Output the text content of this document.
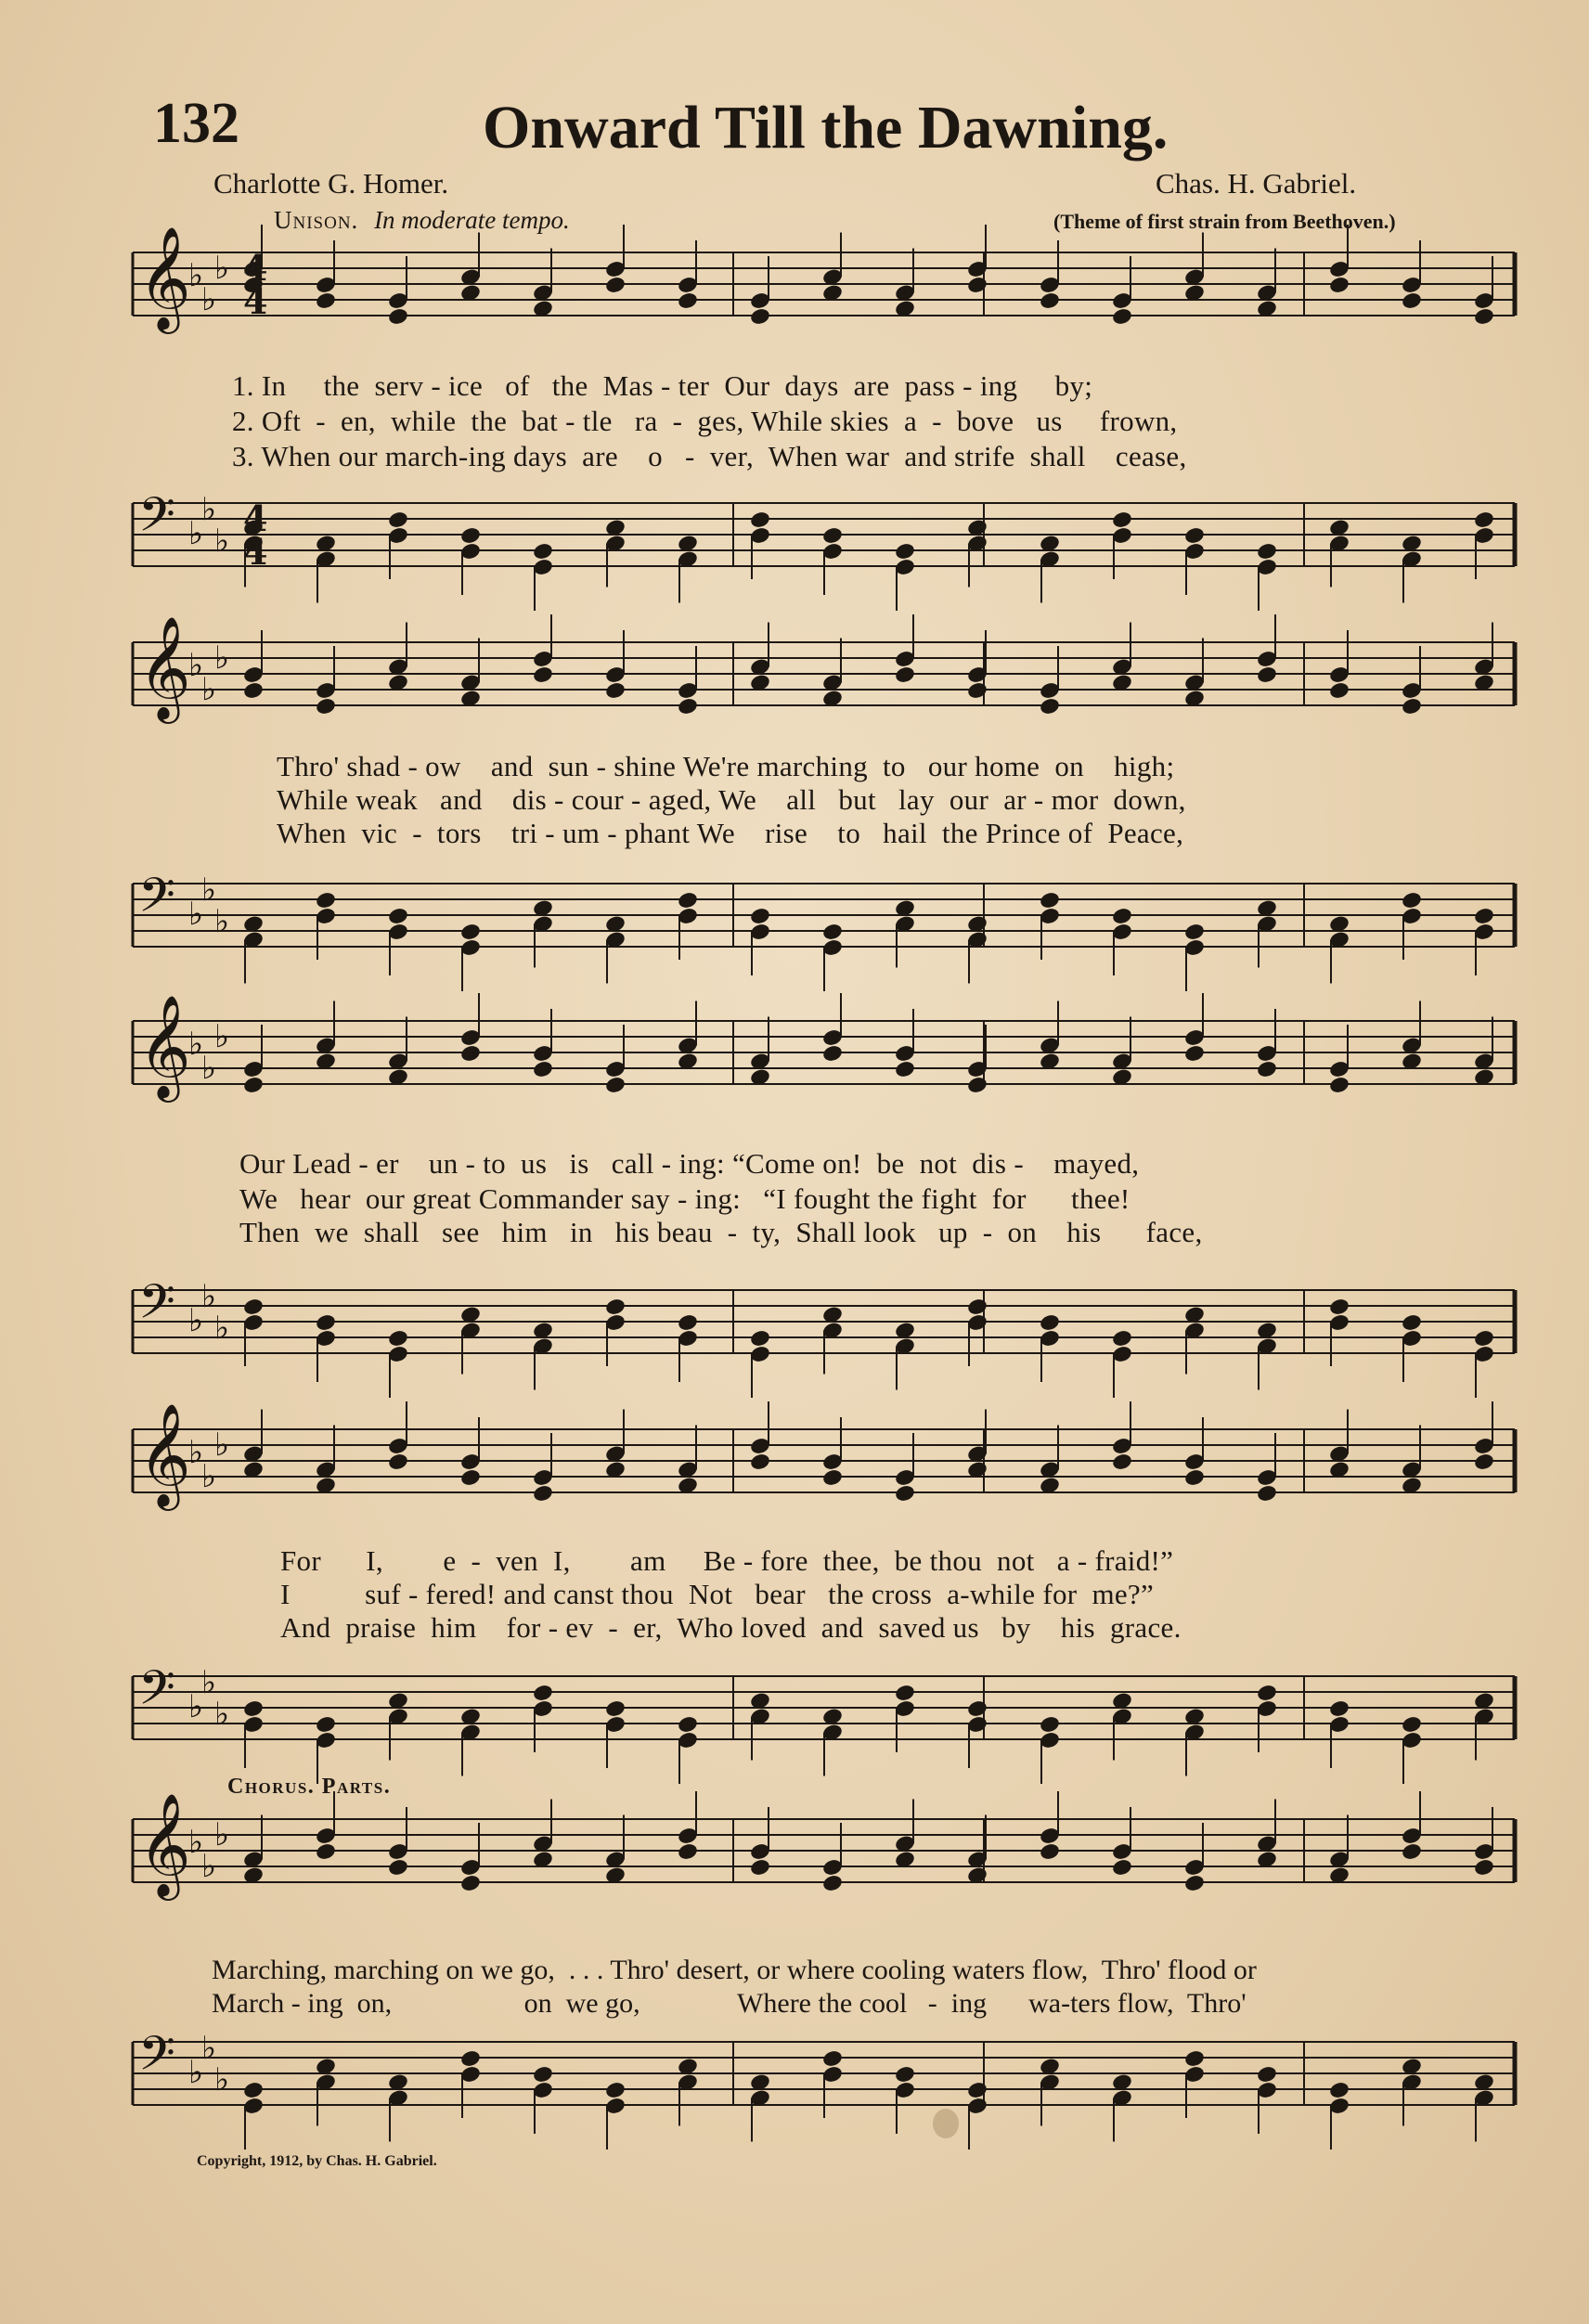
132	Onward Till the Dawning.
Charlotte G. Homer.	Chas. H. Gabriel.
Unison. In moderate tempo.	(Theme of first strain from Beethoven.)
𝄞
♭
♭
♭ 4
4
1. In     the  serv - ice   of   the  Mas - ter  Our  days  are  pass - ing     by;
2. Oft  -  en,  while  the  bat - tle   ra  -  ges, While skies  a  -  bove   us     frown,
3. When our march-ing days  are    o   -  ver,  When war  and strife  shall    cease,
𝄢 ♭
♭
♭
4
4
𝄞
♭
♭
♭
Thro' shad - ow    and  sun - shine We're marching  to   our home  on    high;
While weak   and    dis - cour - aged, We    all   but   lay  our  ar - mor  down,
When  vic  -  tors    tri - um - phant We    rise    to   hail  the Prince of  Peace,
𝄢 ♭
♭
♭
𝄞
♭
♭
♭
Our Lead - er    un - to  us   is   call - ing: “Come on!  be  not  dis -    mayed,
We   hear  our great Commander say - ing:   “I fought the fight  for      thee!
Then  we  shall   see   him   in   his beau  -  ty,  Shall look   up  -  on    his      face,
𝄢 ♭
♭
♭
𝄞
♭
♭
♭
For      I,        e  -  ven  I,        am     Be - fore  thee,  be thou  not   a - fraid!”
I          suf - fered! and canst thou  Not   bear   the cross  a-while for  me?”
And  praise  him    for - ev  -  er,  Who loved  and  saved us   by    his  grace.
𝄢 ♭
♭
♭
Chorus. Parts.
𝄞
♭
♭
♭
Marching, marching on we go,  . . . Thro' desert, or where cooling waters flow,  Thro' flood or
March - ing  on,                   on  we go,              Where the cool   -  ing      wa-ters flow,  Thro'
𝄢 ♭
♭
♭
Copyright, 1912, by Chas. H. Gabriel.
